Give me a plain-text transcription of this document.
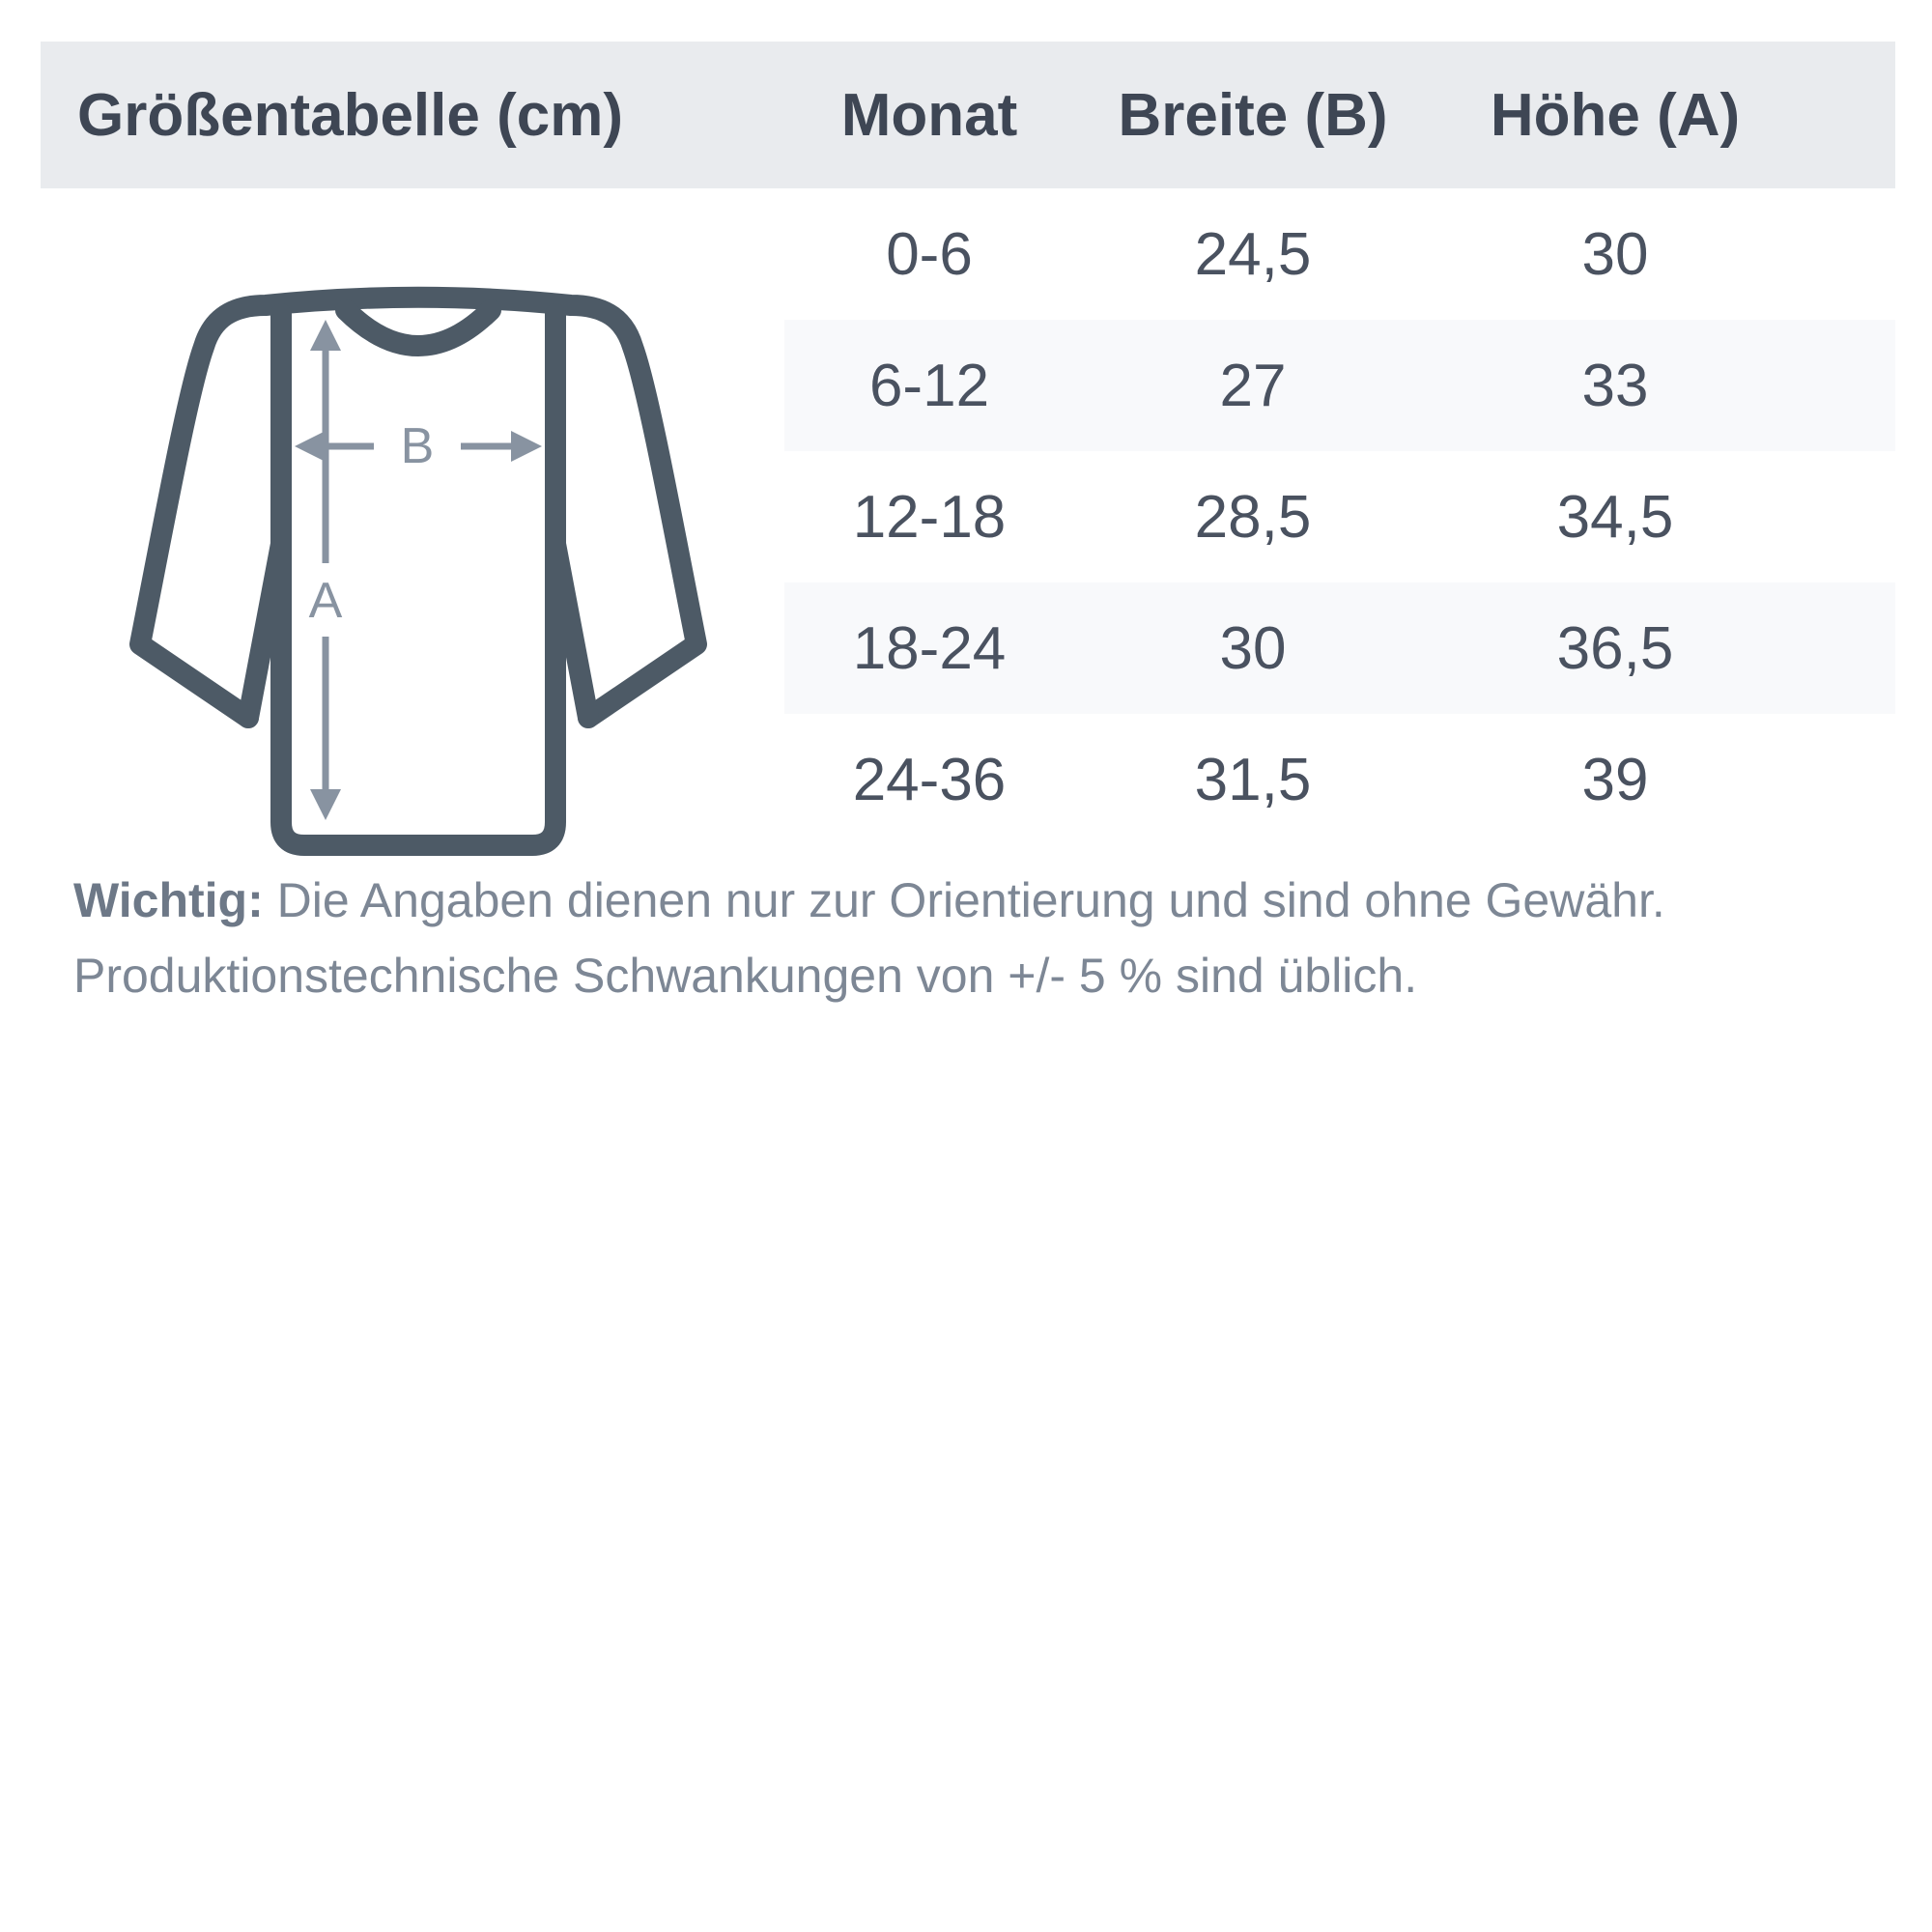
Größentabelle (cm)	Monat	Breite (B)	Höhe (A)
0-6	24,5	30
6-12	27	33
12-18	28,5	34,5
18-24	30	36,5
24-36	31,5	39
B
A

Wichtig: Die Angaben dienen nur zur Orientierung und sind ohne Gewähr.

Produktionstechnische Schwankungen von +/- 5 % sind üblich.
